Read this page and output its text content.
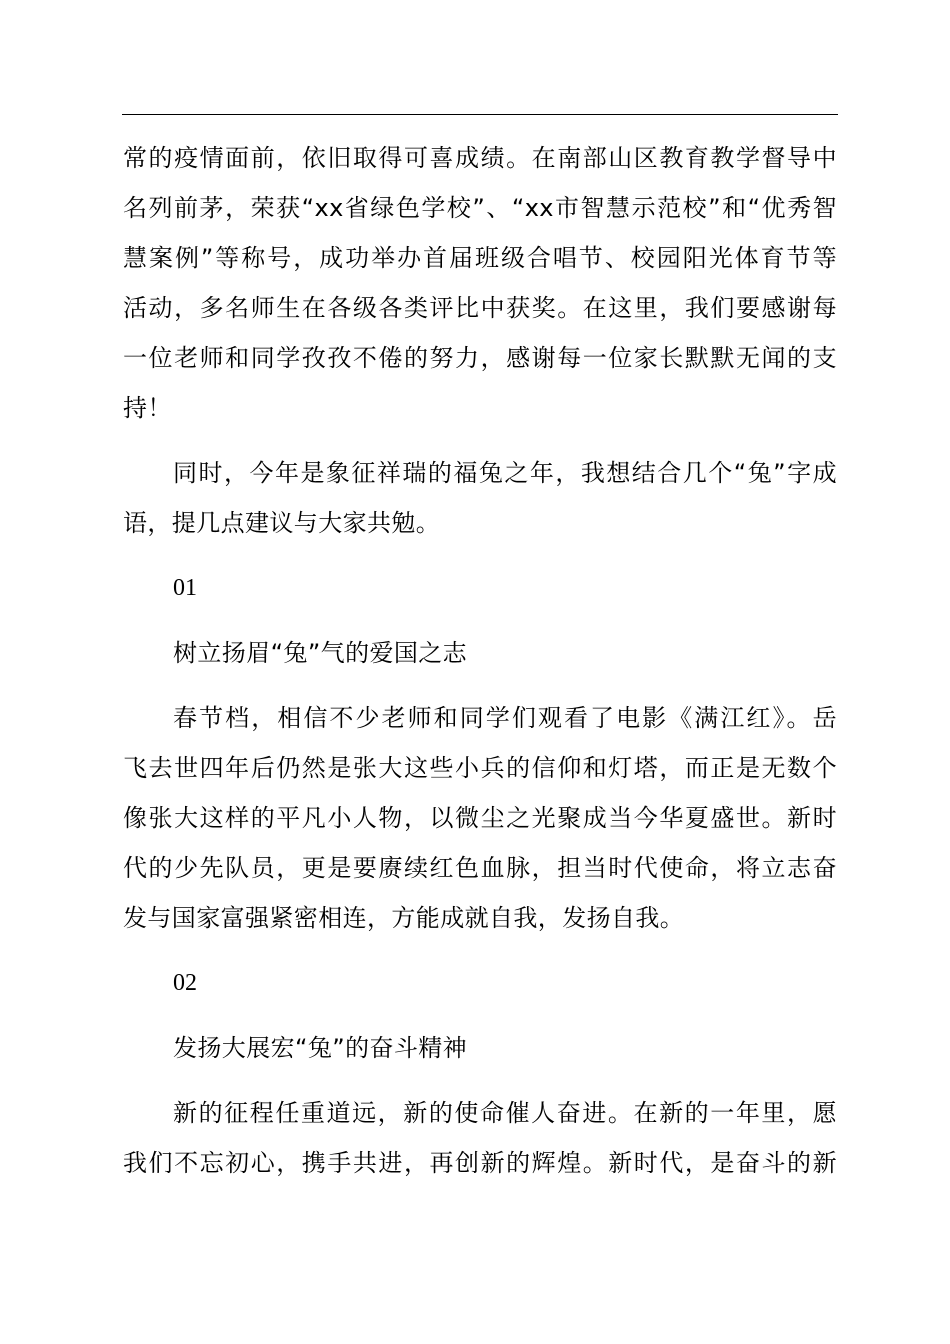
常的疫情面前，依旧取得可喜成绩。在南部山区教育教学督导中

名列前茅，荣获“xx省绿色学校”、“xx市智慧示范校”和“优秀智

慧案例”等称号，成功举办首届班级合唱节、校园阳光体育节等

活动，多名师生在各级各类评比中获奖。在这里，我们要感谢每

一位老师和同学孜孜不倦的努力，感谢每一位家长默默无闻的支

持！

同时，今年是象征祥瑞的福兔之年，我想结合几个“兔”字成

语，提几点建议与大家共勉。

01

树立扬眉“兔”气的爱国之志

春节档，相信不少老师和同学们观看了电影《满江红》。岳

飞去世四年后仍然是张大这些小兵的信仰和灯塔，而正是无数个

像张大这样的平凡小人物，以微尘之光聚成当今华夏盛世。新时

代的少先队员，更是要赓续红色血脉，担当时代使命，将立志奋

发与国家富强紧密相连，方能成就自我，发扬自我。

02

发扬大展宏“兔”的奋斗精神

新的征程任重道远，新的使命催人奋进。在新的一年里，愿

我们不忘初心，携手共进，再创新的辉煌。新时代，是奋斗的新
